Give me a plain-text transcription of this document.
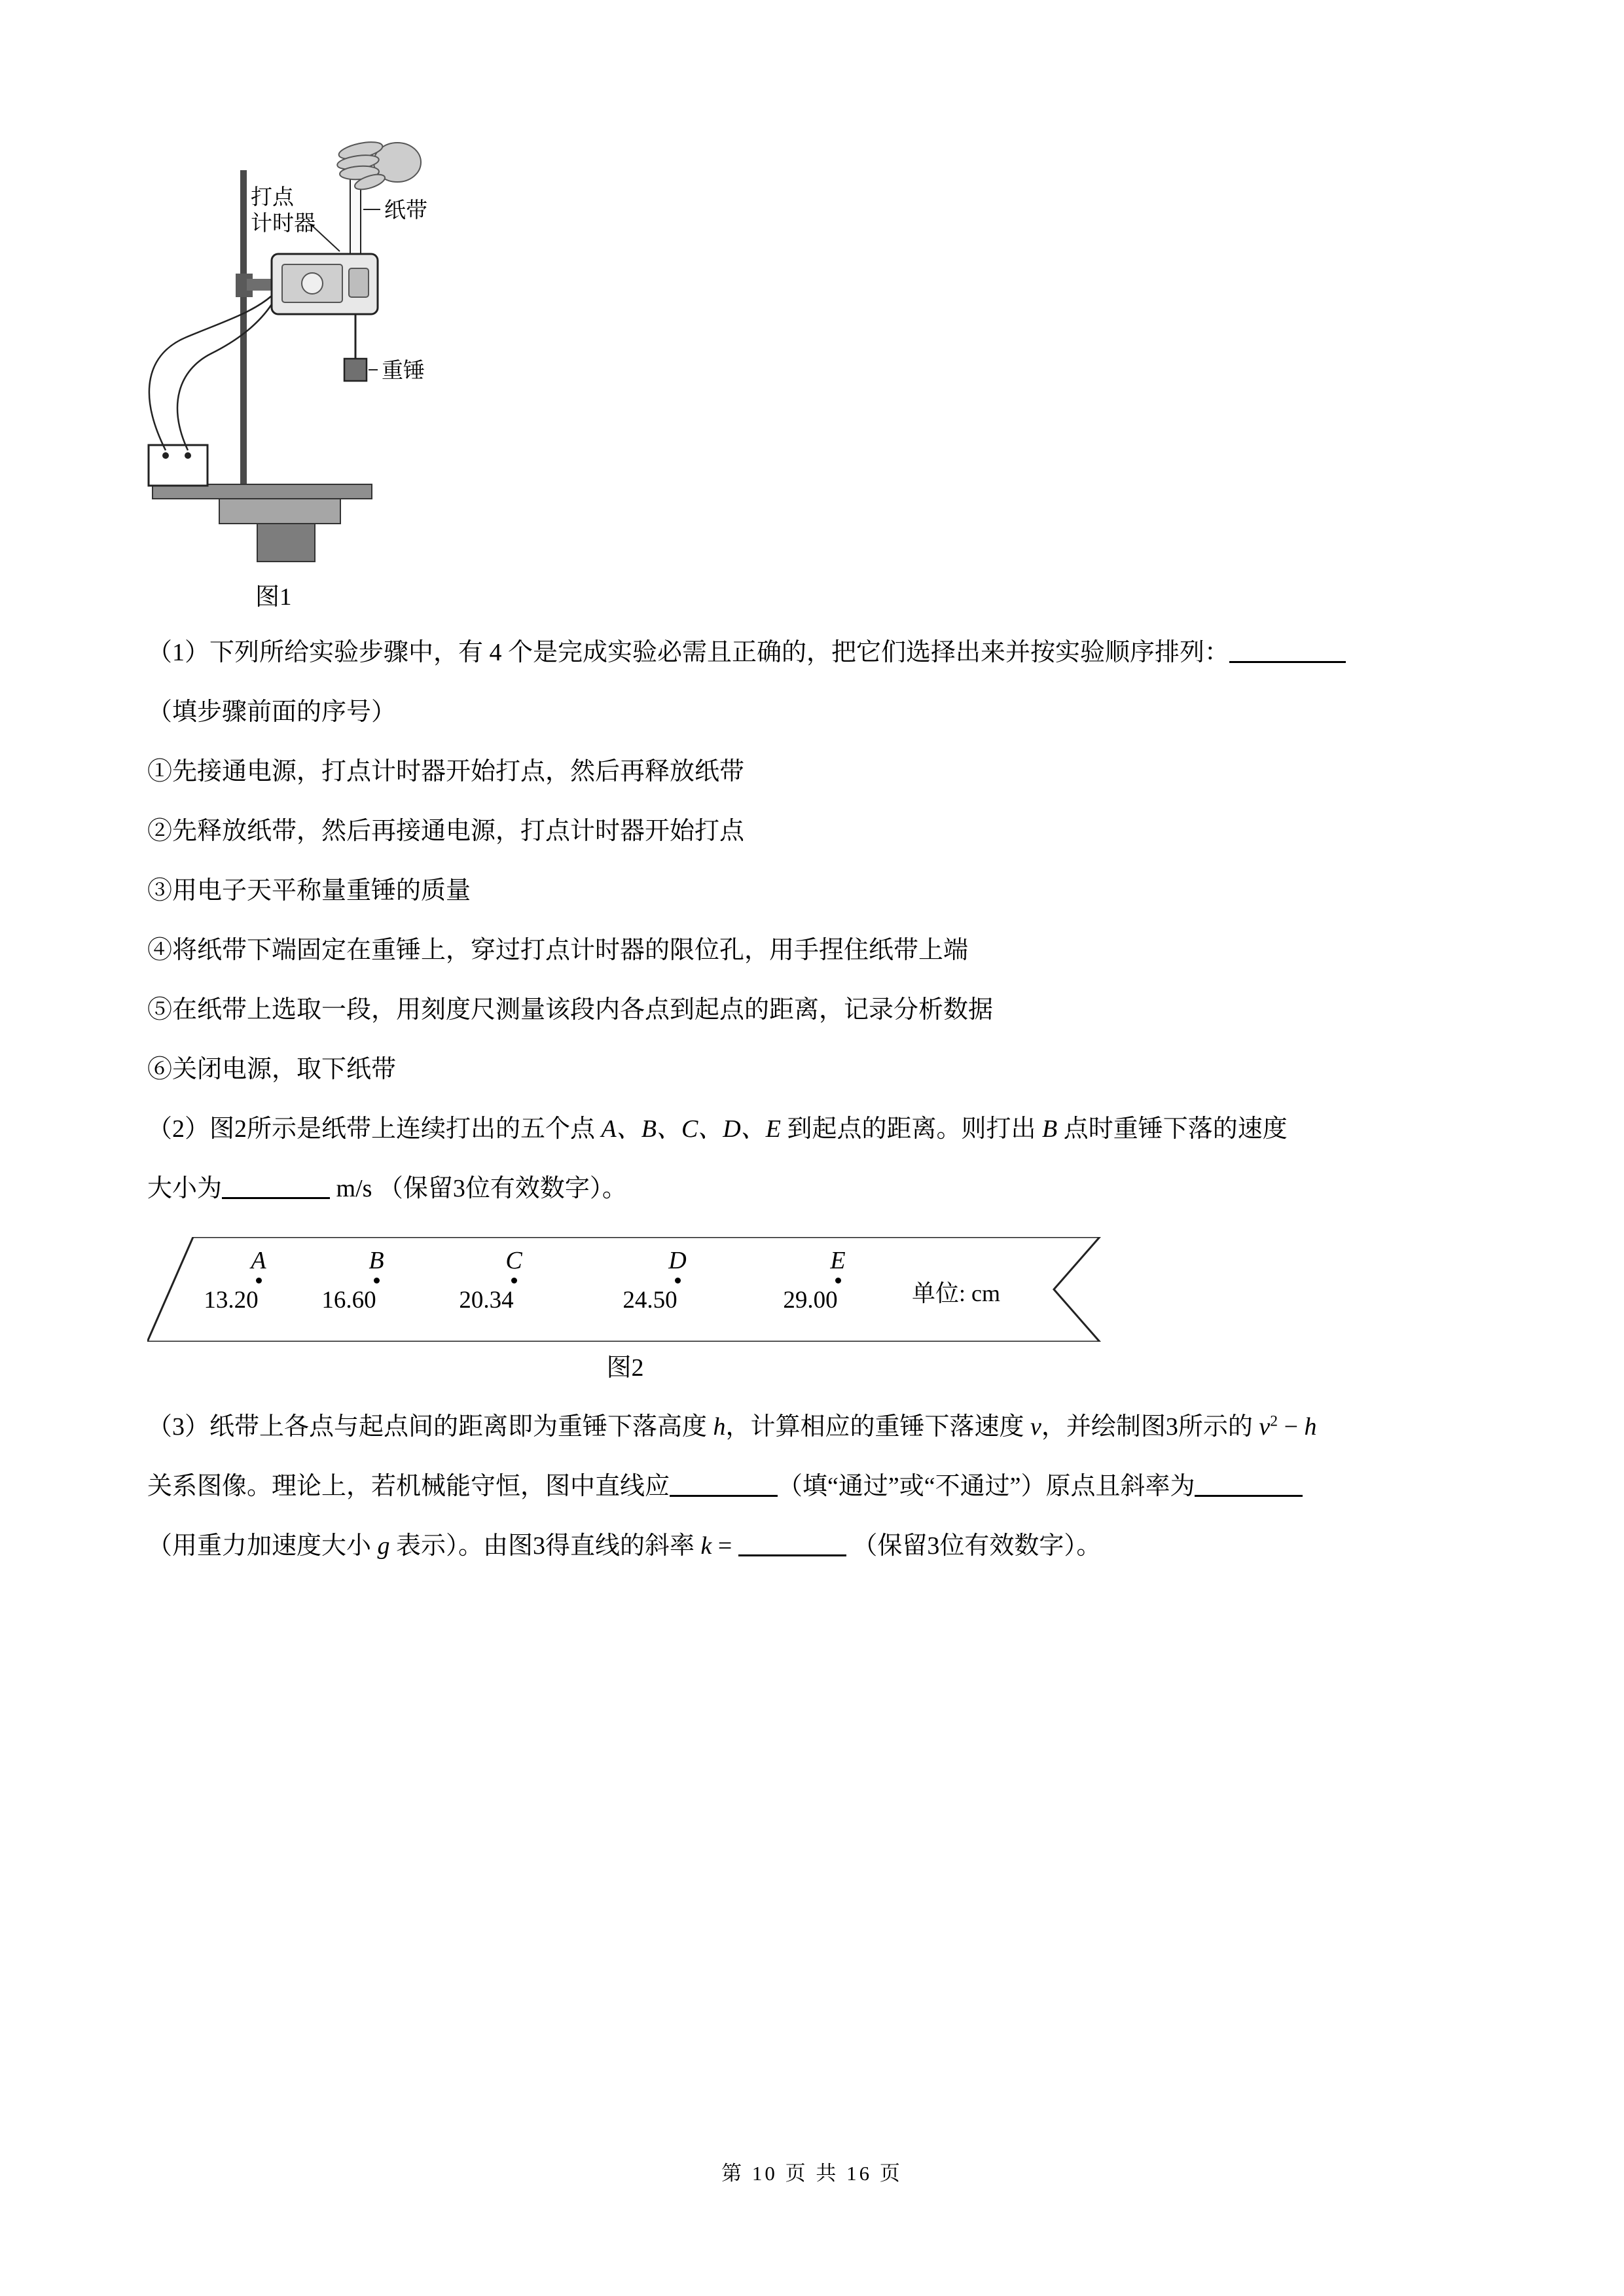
打点
计时器
纸带
重锤
图1

（1）下列所给实验步骤中，有 4 个是完成实验必需且正确的，把它们选择出来并按实验顺序排列：

（填步骤前面的序号）

①先接通电源，打点计时器开始打点，然后再释放纸带

②先释放纸带，然后再接通电源，打点计时器开始打点

③用电子天平称量重锤的质量

④将纸带下端固定在重锤上，穿过打点计时器的限位孔，用手捏住纸带上端

⑤在纸带上选取一段，用刻度尺测量该段内各点到起点的距离，记录分析数据

⑥关闭电源，取下纸带

（2）图2所示是纸带上连续打出的五个点 A、B、C、D、E 到起点的距离。则打出 B 点时重锤下落的速度

大小为	m/s （保留3位有效数字）。

A
13.20
B
16.60
C
20.34
D
24.50
E
29.00	单位: cm
图2

（3）纸带上各点与起点间的距离即为重锤下落高度 h，计算相应的重锤下落速度 v，并绘制图3所示的 $v^2 - h$

关系图像。理论上，若机械能守恒，图中直线应	（填“通过”或“不通过”）原点且斜率为

（用重力加速度大小 g 表示）。由图3得直线的斜率 k =	（保留3位有效数字）。

第 10 页 共 16 页
